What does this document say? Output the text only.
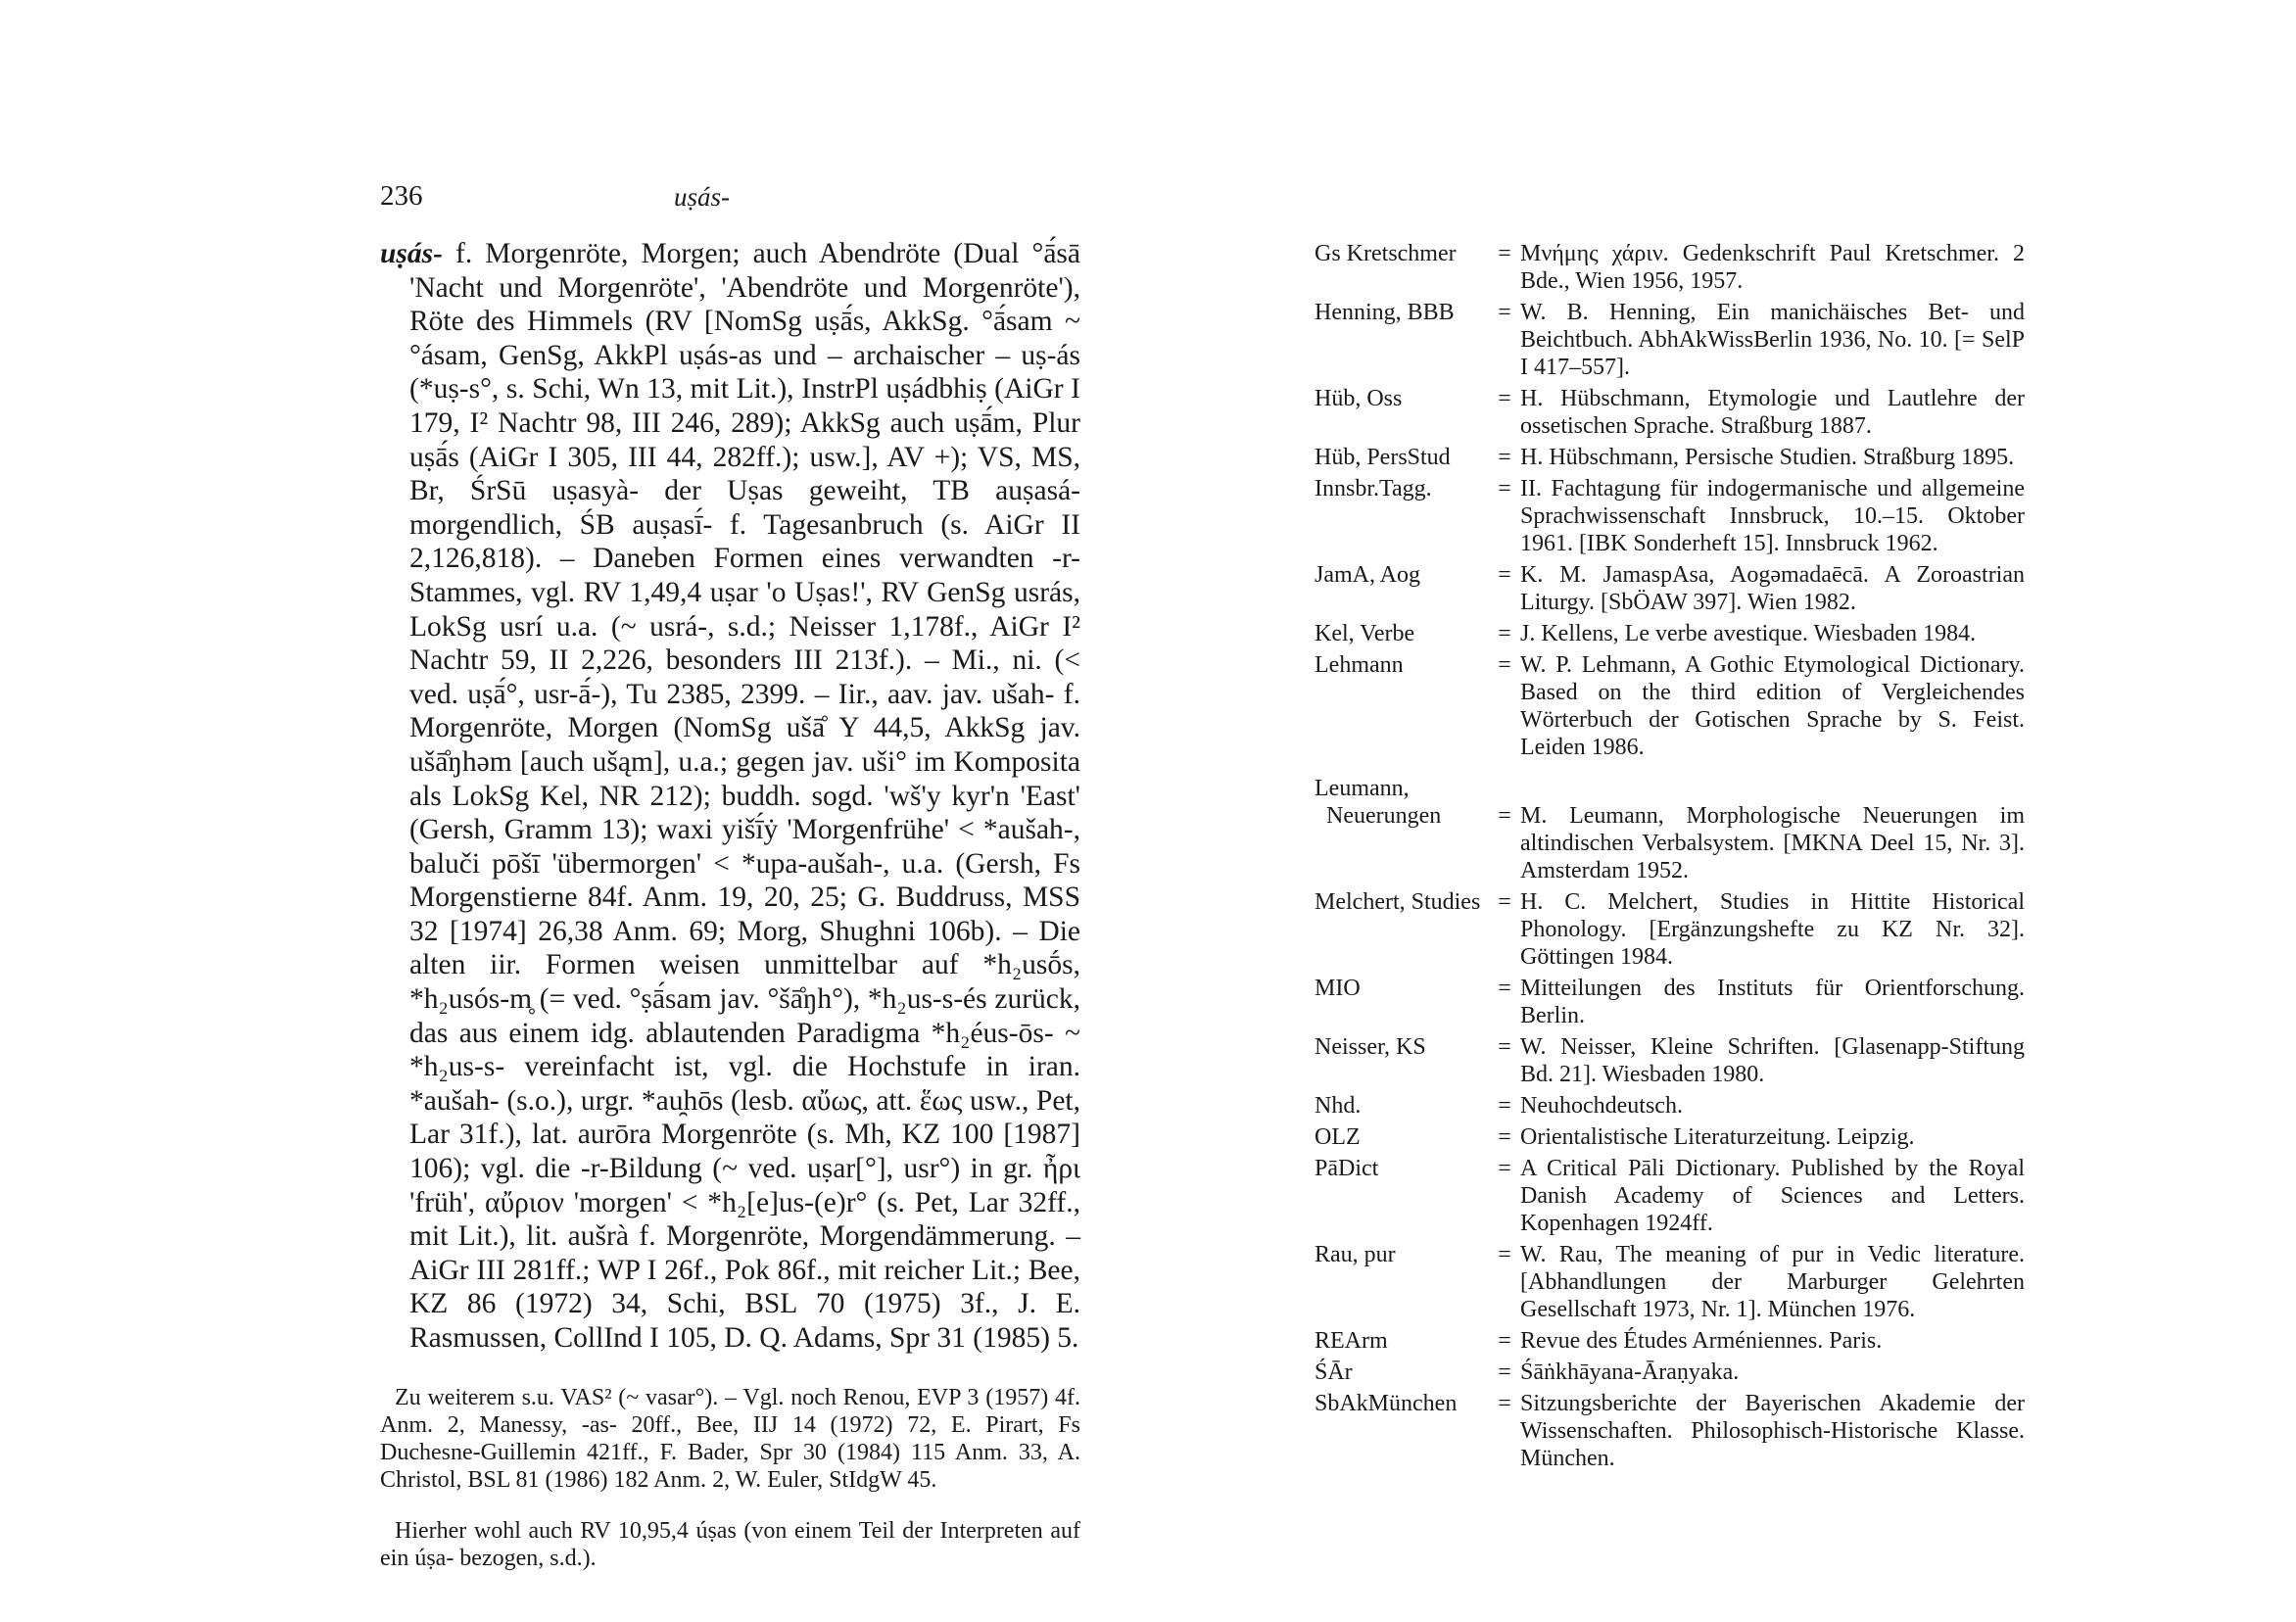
236	uṣás-

uṣás- f. Morgenröte, Morgen; auch Abendröte (Dual °ā́sā 'Nacht und Morgenröte', 'Abendröte und Morgenröte'), Röte des Himmels (RV [NomSg uṣā́s, AkkSg. °ā́sam ~ °ásam, GenSg, AkkPl uṣás-as und – archaischer – uṣ-ás (*uṣ-s°, s. Schi, Wn 13, mit Lit.), InstrPl uṣádbhiṣ (AiGr I 179, I² Nachtr 98, III 246, 289); AkkSg auch uṣā́m, Plur uṣā́s (AiGr I 305, III 44, 282ff.); usw.], AV +); VS, MS, Br, ŚrSū uṣasyà- der Uṣas geweiht, TB auṣasá- morgendlich, ŚB auṣasī́- f. Tagesanbruch (s. AiGr II 2,126,818). – Daneben Formen eines verwandten -r-Stammes, vgl. RV 1,49,4 uṣar 'o Uṣas!', RV GenSg usrás, LokSg usrí u.a. (~ usrá-, s.d.; Neisser 1,178f., AiGr I² Nachtr 59, II 2,226, besonders III 213f.). – Mi., ni. (< ved. uṣā́°, usr-ā́-), Tu 2385, 2399. – Iir., aav. jav. ušah- f. Morgenröte, Morgen (NomSg ušā̊ Y 44,5, AkkSg jav. ušā̊ŋhəm [auch ušąm], u.a.; gegen jav. uši° im Komposita als LokSg Kel, NR 212); buddh. sogd. 'wš'y kyr'n 'East' (Gersh, Gramm 13); waxi yišī́ẏ 'Morgenfrühe' < *aušah-, baluči pōšī 'übermorgen' < *upa-aušah-, u.a. (Gersh, Fs Morgenstierne 84f. Anm. 19, 20, 25; G. Buddruss, MSS 32 [1974] 26,38 Anm. 69; Morg, Shughni 106b). – Die alten iir. Formen weisen unmittelbar auf *h₂usṓs, *h₂usós-m̥ (= ved. °ṣā́sam jav. °šā̊ŋh°), *h₂us-s-és zurück, das aus einem idg. ablautenden Paradigma *h₂éus-ōs- ~ *h₂us-s- vereinfacht ist, vgl. die Hochstufe in iran. *aušah- (s.o.), urgr. *au̯hōs (lesb. αὔως, att. ἕως usw., Pet, Lar 31f.), lat. aurōra Morgenröte (s. Mh, KZ 100 [1987] 106); vgl. die -r-Bildung (~ ved. uṣar[°], usr°) in gr. ἦρι 'früh', αὔριον 'morgen' < *h₂[e]us-(e)r° (s. Pet, Lar 32ff., mit Lit.), lit. aušrà f. Morgenröte, Morgendämmerung. – AiGr III 281ff.; WP I 26f., Pok 86f., mit reicher Lit.; Bee, KZ 86 (1972) 34, Schi, BSL 70 (1975) 3f., J. E. Rasmussen, CollInd I 105, D. Q. Adams, Spr 31 (1985) 5.

Zu weiterem s.u. VAS² (~ vasar°). – Vgl. noch Renou, EVP 3 (1957) 4f. Anm. 2, Manessy, -as- 20ff., Bee, IIJ 14 (1972) 72, E. Pirart, Fs Duchesne-Guillemin 421ff., F. Bader, Spr 30 (1984) 115 Anm. 33, A. Christol, BSL 81 (1986) 182 Anm. 2, W. Euler, StIdgW 45.

Hierher wohl auch RV 10,95,4 úṣas (von einem Teil der Interpreten auf ein úṣa- bezogen, s.d.).

Gs Kretschmer	= Μνήμης χάριν. Gedenkschrift Paul Kretschmer. 2 Bde., Wien 1956, 1957.
Henning, BBB	= W. B. Henning, Ein manichäisches Bet- und Beichtbuch. AbhAkWissBerlin 1936, No. 10. [= SelP I 417–557].
Hüb, Oss	= H. Hübschmann, Etymologie und Lautlehre der ossetischen Sprache. Straßburg 1887.
Hüb, PersStud	= H. Hübschmann, Persische Studien. Straßburg 1895.
Innsbr.Tagg.	= II. Fachtagung für indogermanische und allgemeine Sprachwissenschaft Innsbruck, 10.–15. Oktober 1961. [IBK Sonderheft 15]. Innsbruck 1962.
JamA, Aog	= K. M. JamaspAsa, Aogəmadaēcā. A Zoroastrian Liturgy. [SbÖAW 397]. Wien 1982.
Kel, Verbe	= J. Kellens, Le verbe avestique. Wiesbaden 1984.
Lehmann	= W. P. Lehmann, A Gothic Etymological Dictionary. Based on the third edition of Vergleichendes Wörterbuch der Gotischen Sprache by S. Feist. Leiden 1986.
Leumann,
Neuerungen	= M. Leumann, Morphologische Neuerungen im altindischen Verbalsystem. [MKNA Deel 15, Nr. 3]. Amsterdam 1952.
Melchert, Studies = H. C. Melchert, Studies in Hittite Historical Phonology. [Ergänzungshefte zu KZ Nr. 32]. Göttingen 1984.
MIO	= Mitteilungen des Instituts für Orientforschung. Berlin.
Neisser, KS	= W. Neisser, Kleine Schriften. [Glasenapp-Stiftung Bd. 21]. Wiesbaden 1980.
Nhd.	= Neuhochdeutsch.
OLZ	= Orientalistische Literaturzeitung. Leipzig.
PāDict	= A Critical Pāli Dictionary. Published by the Royal Danish Academy of Sciences and Letters. Kopenhagen 1924ff.
Rau, pur	= W. Rau, The meaning of pur in Vedic literature. [Abhandlungen der Marburger Gelehrten Gesellschaft 1973, Nr. 1]. München 1976.
REArm	= Revue des Études Arméniennes. Paris.
ŚĀr	= Śāṅkhāyana-Āraṇyaka.
SbAkMünchen	= Sitzungsberichte der Bayerischen Akademie der Wissenschaften. Philosophisch-Historische Klasse. München.
